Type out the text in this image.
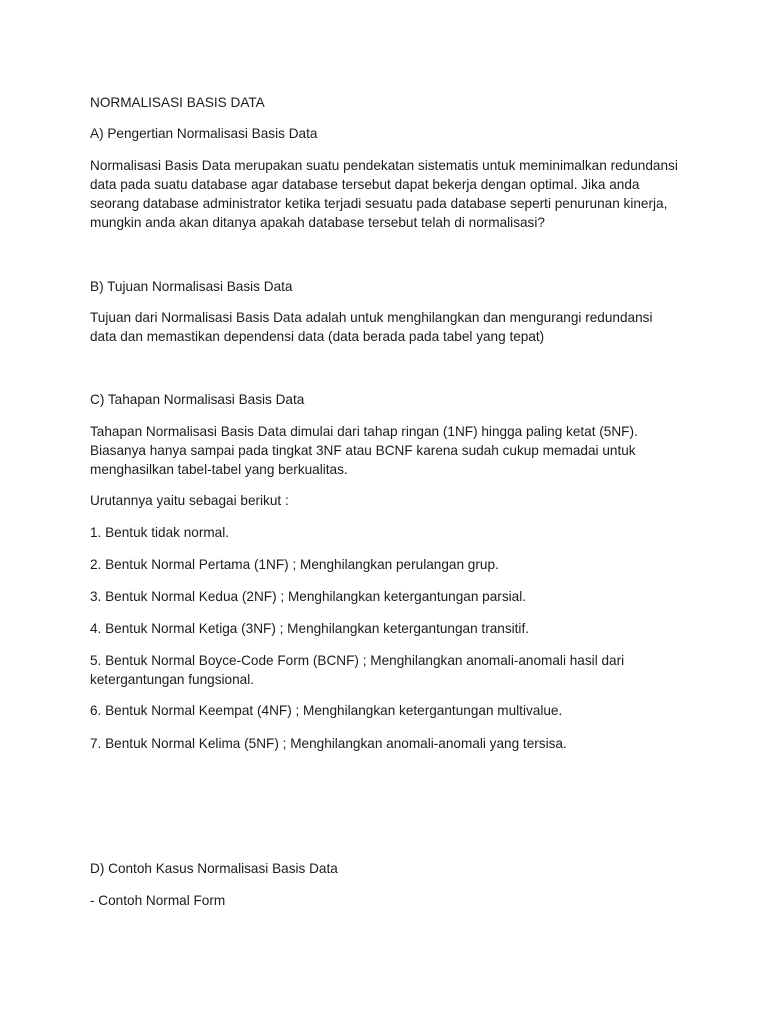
NORMALISASI BASIS DATA

A) Pengertian Normalisasi Basis Data

Normalisasi Basis Data merupakan suatu pendekatan sistematis untuk meminimalkan redundansi data pada suatu database agar database tersebut dapat bekerja dengan optimal. Jika anda seorang database administrator ketika terjadi sesuatu pada database seperti penurunan kinerja, mungkin anda akan ditanya apakah database tersebut telah di normalisasi?

B) Tujuan Normalisasi Basis Data

Tujuan dari Normalisasi Basis Data adalah untuk menghilangkan dan mengurangi redundansi data dan memastikan dependensi data (data berada pada tabel yang tepat)

C) Tahapan Normalisasi Basis Data

Tahapan Normalisasi Basis Data dimulai dari tahap ringan (1NF) hingga paling ketat (5NF). Biasanya hanya sampai pada tingkat 3NF atau BCNF karena sudah cukup memadai untuk menghasilkan tabel-tabel yang berkualitas.

Urutannya yaitu sebagai berikut :

1. Bentuk tidak normal.

2. Bentuk Normal Pertama (1NF) ; Menghilangkan perulangan grup.

3. Bentuk Normal Kedua (2NF) ; Menghilangkan ketergantungan parsial.

4. Bentuk Normal Ketiga (3NF) ; Menghilangkan ketergantungan transitif.

5. Bentuk Normal Boyce-Code Form (BCNF) ; Menghilangkan anomali-anomali hasil dari ketergantungan fungsional.

6. Bentuk Normal Keempat (4NF) ; Menghilangkan ketergantungan multivalue.

7. Bentuk Normal Kelima (5NF) ; Menghilangkan anomali-anomali yang tersisa.

D) Contoh Kasus Normalisasi Basis Data

- Contoh Normal Form
